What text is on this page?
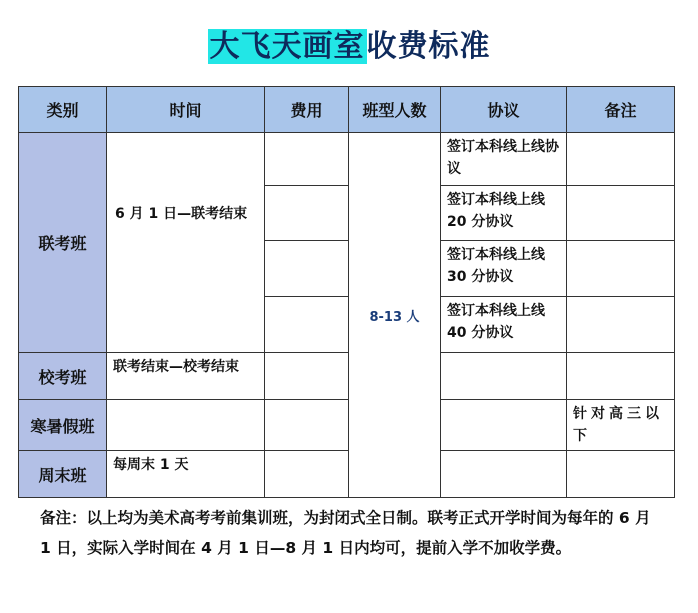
大飞天画室收费标准
类别	时间	费用	班型人数	协议	备注
联考班	6 月 1 日—联考结束		8-13 人	签订本科线上线协议	

				签订本科线上线 20 分协议	

				签订本科线上线 30 分协议	

				签订本科线上线 40 分协议	

校考班	联考结束—校考结束				

寒暑假班					针对高三以下

周末班	每周末 1 天				

备注：以上均为美术高考考前集训班，为封闭式全日制。联考正式开学时间为每年的 6 月 1 日，实际入学时间在 4 月 1 日—8 月 1 日内均可，提前入学不加收学费。
